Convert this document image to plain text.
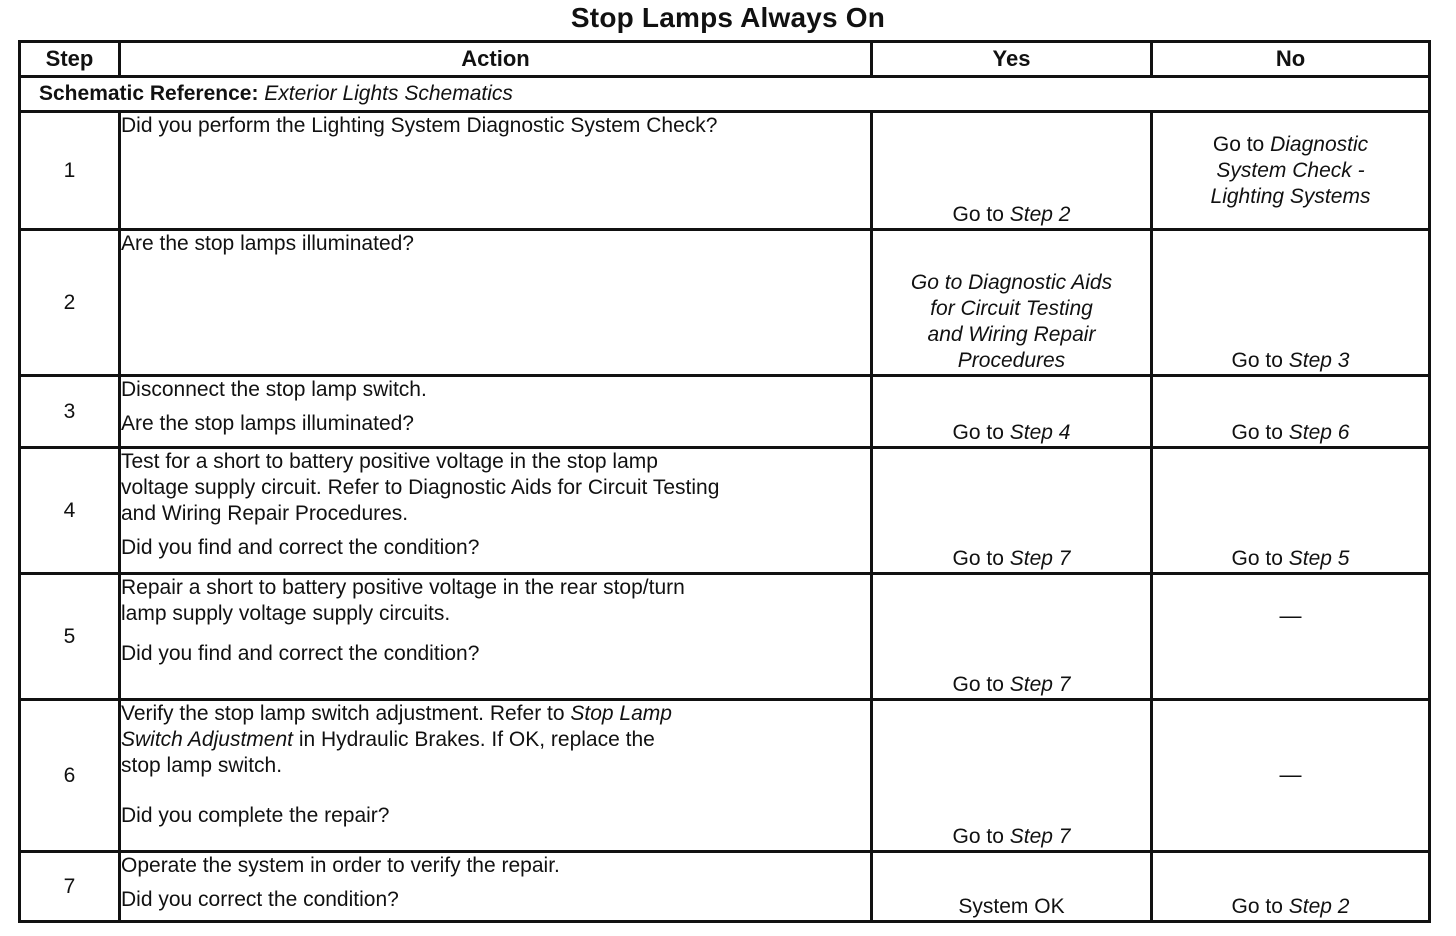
Stop Lamps Always On
Step	Action	Yes	No
Schematic Reference: Exterior Lights Schematics			
1	Did you perform the Lighting System Diagnostic System Check?	Go to Step 2	Go to Diagnostic
System Check -
Lighting Systems

2	Are the stop lamps illuminated?	Go to Diagnostic Aids
for Circuit Testing
and Wiring Repair
Procedures	Go to Step 3
3	Disconnect the stop lamp switch.
Are the stop lamps illuminated?	Go to Step 4	Go to Step 6
4	Test for a short to battery positive voltage in the stop lamp
voltage supply circuit. Refer to Diagnostic Aids for Circuit Testing
and Wiring Repair Procedures.
Did you find and correct the condition?	Go to Step 7	Go to Step 5
5	Repair a short to battery positive voltage in the rear stop/turn
lamp supply voltage supply circuits.
Did you find and correct the condition?	Go to Step 7	—
6	Verify the stop lamp switch adjustment. Refer to Stop Lamp
Switch Adjustment in Hydraulic Brakes. If OK, replace the
stop lamp switch.
Did you complete the repair?	Go to Step 7	—
7	Operate the system in order to verify the repair.
Did you correct the condition?	System OK	Go to Step 2
